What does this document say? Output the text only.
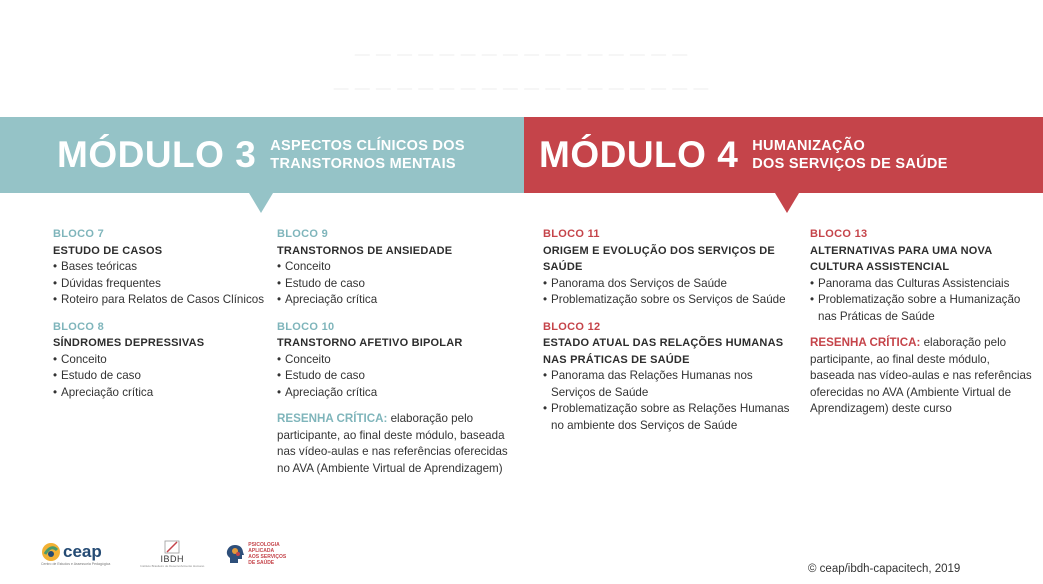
— — — — — — — — — — — — — — — —
— — — — — — — — — — — — — — — — — —
MÓDULO 3 ASPECTOS CLÍNICOS DOS
TRANSTORNOS MENTAIS MÓDULO 4 HUMANIZAÇÃO
DOS SERVIÇOS DE SAÚDE
BLOCO 7
ESTUDO DE CASOS
• Bases teóricas
• Dúvidas frequentes
• Roteiro para Relatos de Casos Clínicos
BLOCO 8
SÍNDROMES DEPRESSIVAS
• Conceito
• Estudo de caso
• Apreciação crítica
BLOCO 9
TRANSTORNOS DE ANSIEDADE
• Conceito
• Estudo de caso
• Apreciação crítica
BLOCO 10
TRANSTORNO AFETIVO BIPOLAR
• Conceito
• Estudo de caso
• Apreciação crítica
RESENHA CRÍTICA: elaboração pelo participante, ao final deste módulo, baseada nas vídeo-aulas e nas referências oferecidas no AVA (Ambiente Virtual de Aprendizagem)
BLOCO 11
ORIGEM E EVOLUÇÃO DOS SERVIÇOS DE SAÚDE
• Panorama dos Serviços de Saúde
• Problematização sobre os Serviços de Saúde
BLOCO 12
ESTADO ATUAL DAS RELAÇÕES HUMANAS NAS PRÁTICAS DE SAÚDE
• Panorama das Relações Humanas nos Serviços de Saúde
• Problematização sobre as Relações Humanas no ambiente dos Serviços de Saúde
BLOCO 13
ALTERNATIVAS PARA UMA NOVA CULTURA ASSISTENCIAL
• Panorama das Culturas Assistenciais
• Problematização sobre a Humanização nas Práticas de Saúde
RESENHA CRÍTICA: elaboração pelo participante, ao final deste módulo, baseada nas vídeo-aulas e nas referências oferecidas no AVA (Ambiente Virtual de Aprendizagem) deste curso
ceap
Centro de Estudos e Assessoria Pedagógica	IBDH
Instituto Brasileiro de Desenvolvimento Humano
PSICOLOGIA
APLICADA
AOS SERVIÇOS
DE SAÚDE	© ceap/ibdh-capacitech, 2019
